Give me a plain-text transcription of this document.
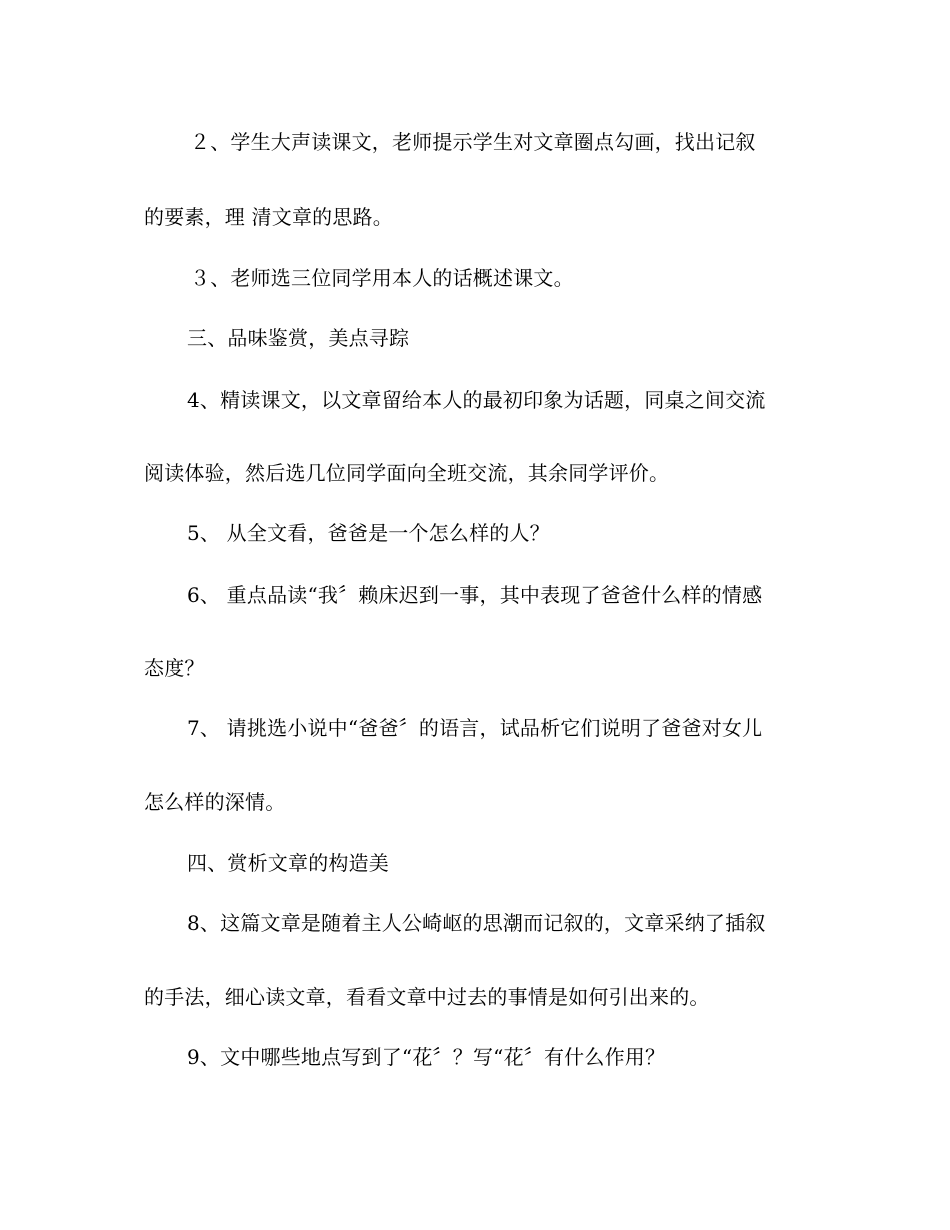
２、学生大声读课文，老师提示学生对文章圈点勾画，找出记叙
的要素，理 清文章的思路。
３、老师选三位同学用本人的话概述课文。
三、品味鉴赏，美点寻踪
4、精读课文，以文章留给本人的最初印象为话题，同桌之间交流
阅读体验，然后选几位同学面向全班交流，其余同学评价。
5、 从全文看，爸爸是一个怎么样的人？
6、 重点品读“我〞赖床迟到一事，其中表现了爸爸什么样的情感
态度？
7、 请挑选小说中“爸爸〞的语言，试品析它们说明了爸爸对女儿
怎么样的深情。
四、赏析文章的构造美
8、这篇文章是随着主人公崎岖的思潮而记叙的，文章采纳了插叙
的手法，细心读文章，看看文章中过去的事情是如何引出来的。
9、文中哪些地点写到了“花〞？写“花〞有什么作用？
